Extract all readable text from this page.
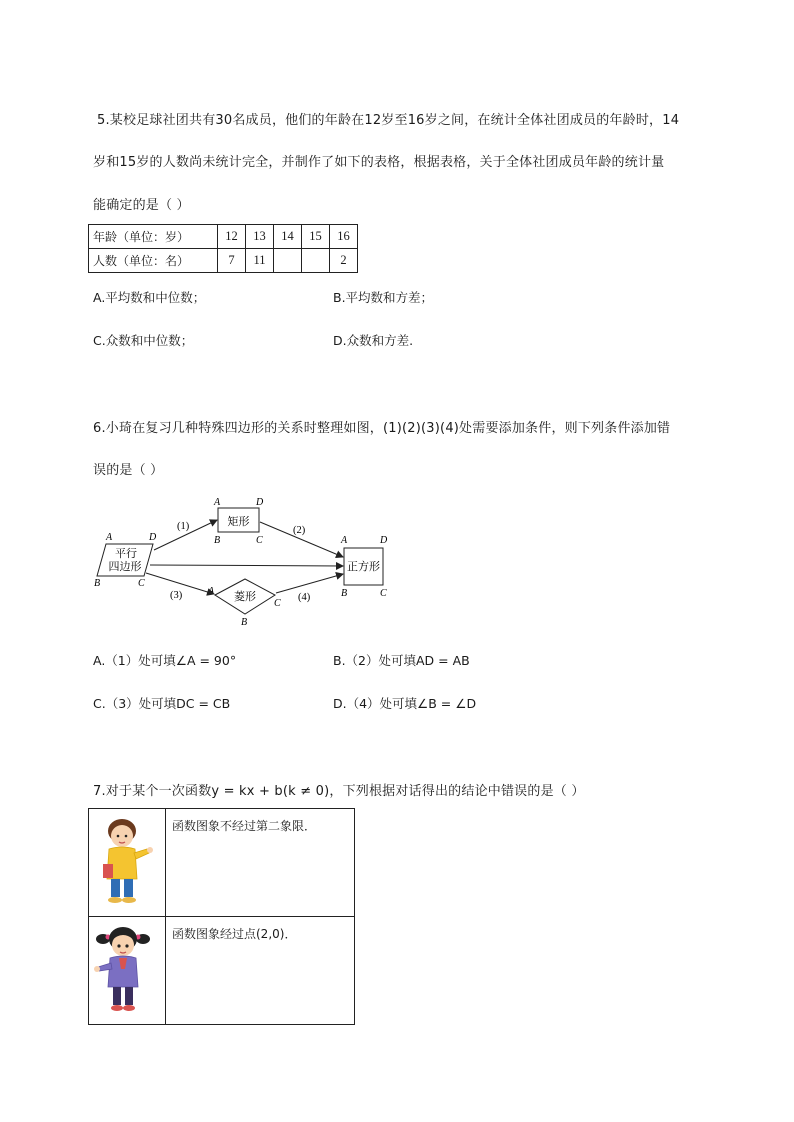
5.某校足球社团共有30名成员，他们的年龄在12岁至16岁之间，在统计全体社团成员的年龄时，14
岁和15岁的人数尚未统计完全，并制作了如下的表格，根据表格，关于全体社团成员年龄的统计量
能确定的是（ ）
年龄（单位：岁）	12	13	14	15	16
人数（单位：名）	7	11			2
A.平均数和中位数；	B.平均数和方差；
C.众数和中位数；	D.众数和方差.
6.小琦在复习几种特殊四边形的关系时整理如图，(1)(2)(3)(4)处需要添加条件，则下列条件添加错
误的是（ ）
平行
四边形
A	D
B	C
矩形
A	D
B	C
菱形
A
C
B
正方形
A	D
B	C
(1)	(2)
(3)	(4)
A.（1）处可填∠A = 90°	B.（2）处可填AD = AB
C.（3）处可填DC = CB	D.（4）处可填∠B = ∠D
7.对于某个一次函数y = kx + b(k ≠ 0)，下列根据对话得出的结论中错误的是（ ）
	函数图象不经过第二象限．
	函数图象经过点(2,0)．
